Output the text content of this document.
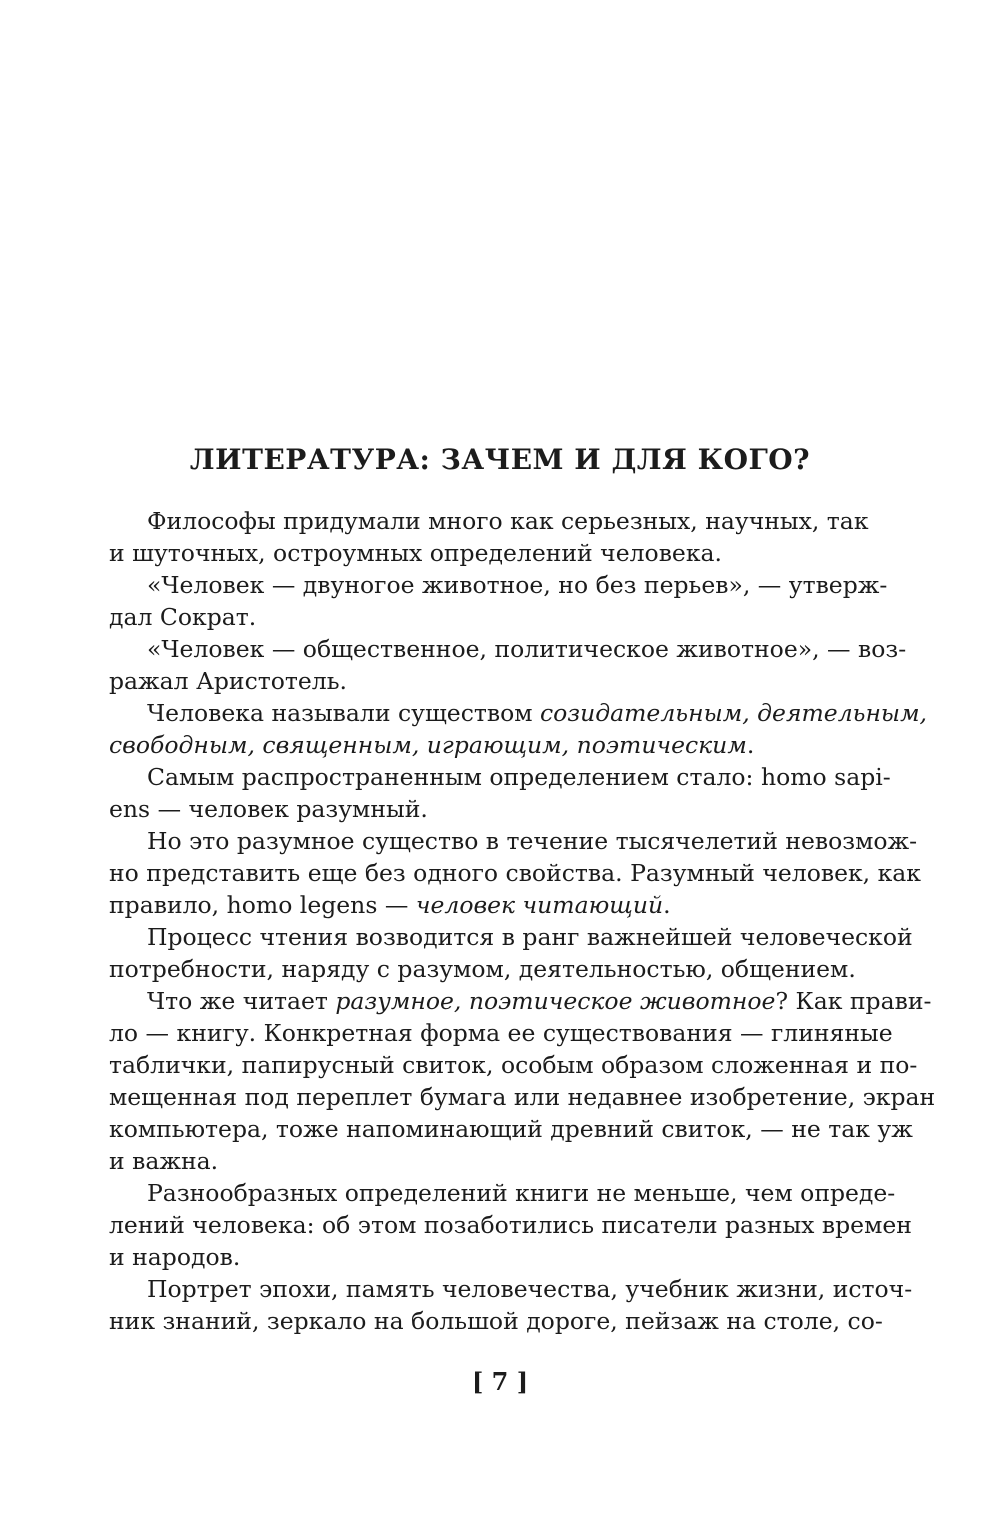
ЛИТЕРАТУРА: ЗАЧЕМ И ДЛЯ КОГО?
Философы придумали много как серьезных, научных, так
и шуточных, остроумных определений человека.
«Человек — двуногое животное, но без перьев», — утверж-
дал Сократ.
«Человек — общественное, политическое животное», — воз-
ражал Аристотель.
Человека называли существом созидательным, деятельным,
свободным, священным, играющим, поэтическим.
Самым распространенным определением стало: homo sapi-
ens — человек разумный.
Но это разумное существо в течение тысячелетий невозмож-
но представить еще без одного свойства. Разумный человек, как
правило, homo legens — человек читающий.
Процесс чтения возводится в ранг важнейшей человеческой
потребности, наряду с разумом, деятельностью, общением.
Что же читает разумное, поэтическое животное? Как прави-
ло — книгу. Конкретная форма ее существования — глиняные
таблички, папирусный свиток, особым образом сложенная и по-
мещенная под переплет бумага или недавнее изобретение, экран
компьютера, тоже напоминающий древний свиток, — не так уж
и важна.
Разнообразных определений книги не меньше, чем опреде-
лений человека: об этом позаботились писатели разных времен
и народов.
Портрет эпохи, память человечества, учебник жизни, источ-
ник знаний, зеркало на большой дороге, пейзаж на столе, со-
[ 7 ]
